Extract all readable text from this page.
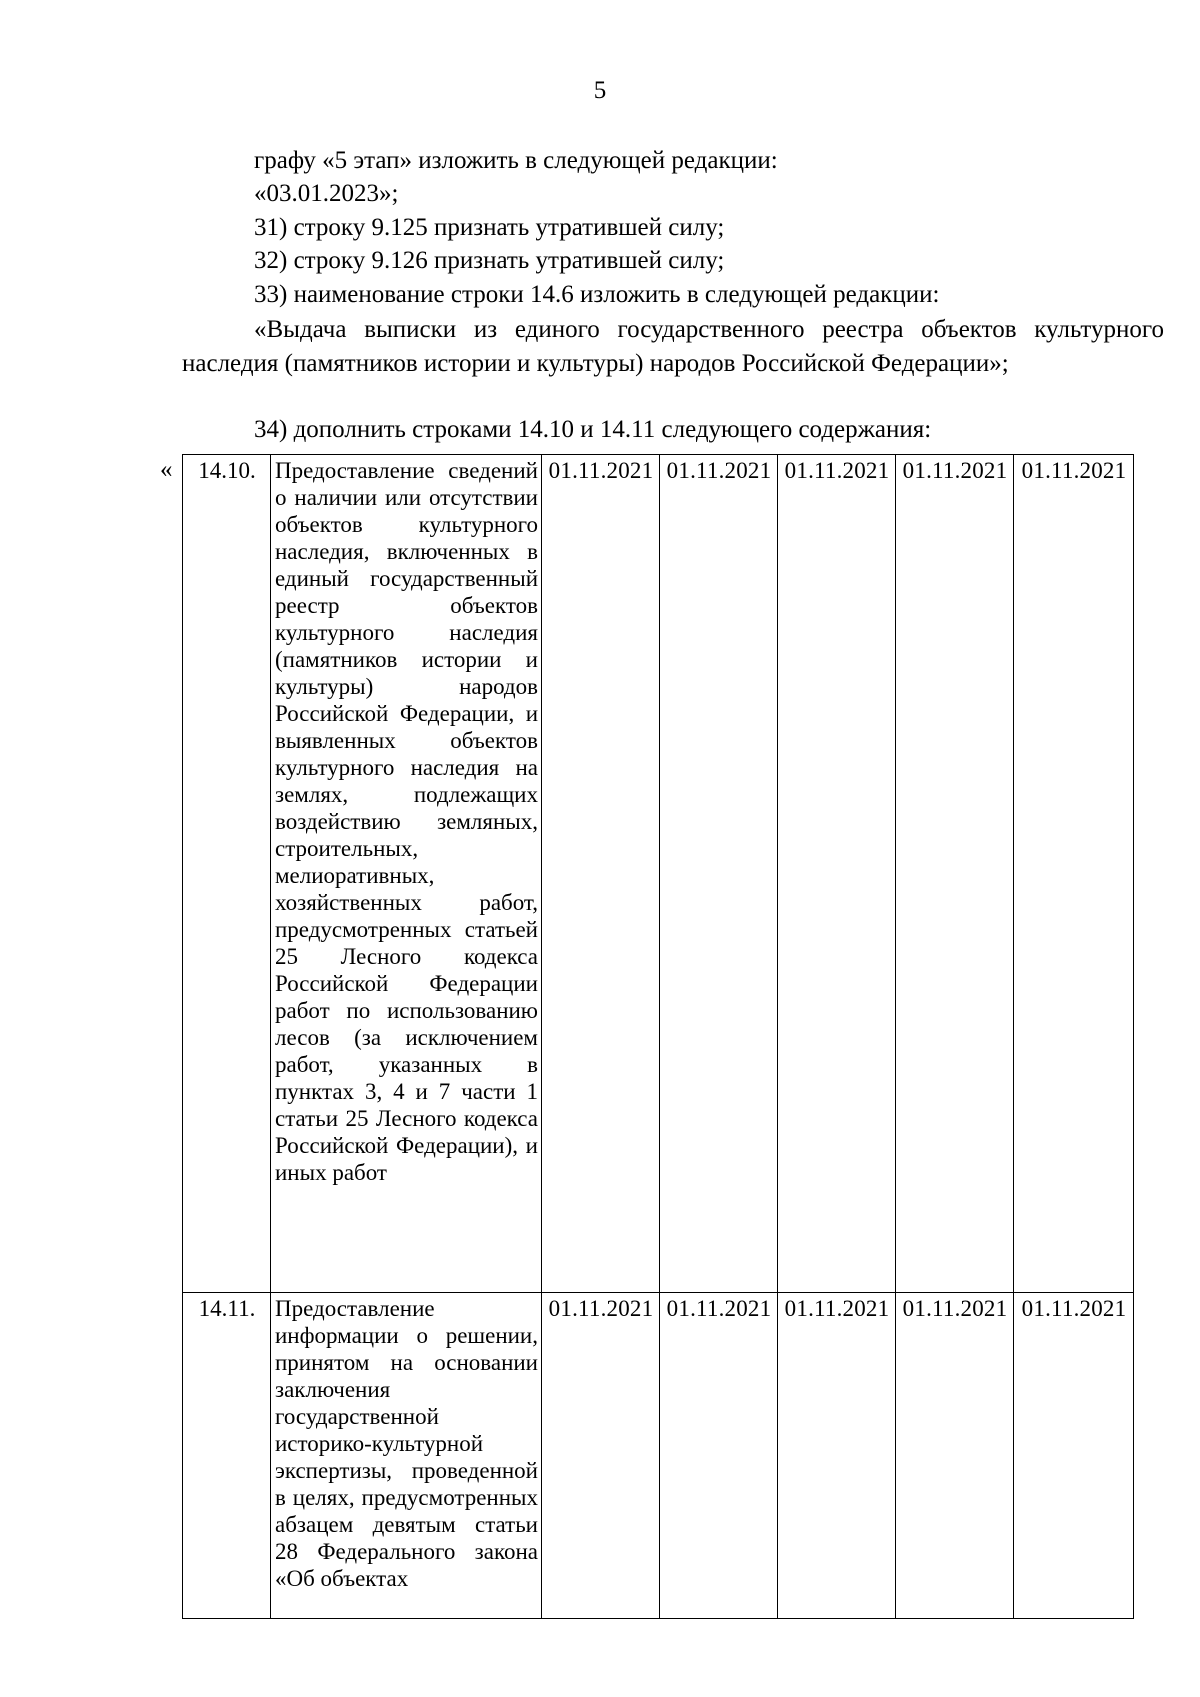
5

графу «5 этап» изложить в следующей редакции:

«03.01.2023»;

31) строку 9.125 признать утратившей силу;

32) строку 9.126 признать утратившей силу;

33) наименование строки 14.6 изложить в следующей редакции:

«Выдача выписки из единого государственного реестра объектов культурного наследия (памятников истории и культуры) народов Российской Федерации»;

34) дополнить строками 14.10 и 14.11 следующего содержания:

« 14.10.	Предоставление сведений о наличии или отсутствии объектов культурного наследия, включенных в единый государственный реестр объектов культурного наследия (памятников истории и культуры) народов Российской Федерации, и выявленных объектов культурного наследия на землях, подлежащих воздействию земляных, строительных, мелиоративных, хозяйственных работ, предусмотренных статьей 25 Лесного кодекса Российской Федерации работ по использованию лесов (за исключением работ, указанных в пунктах 3, 4 и 7 части 1 статьи 25 Лесного кодекса Российской Федерации), и иных работ	01.11.2021	01.11.2021	01.11.2021	01.11.2021	01.11.2021
14.11.	Предоставление информации о решении, принятом на основании заключения государственной историко-культурной экспертизы, проведенной в целях, предусмотренных абзацем девятым статьи 28 Федерального закона «Об объектах	01.11.2021	01.11.2021	01.11.2021	01.11.2021	01.11.2021
